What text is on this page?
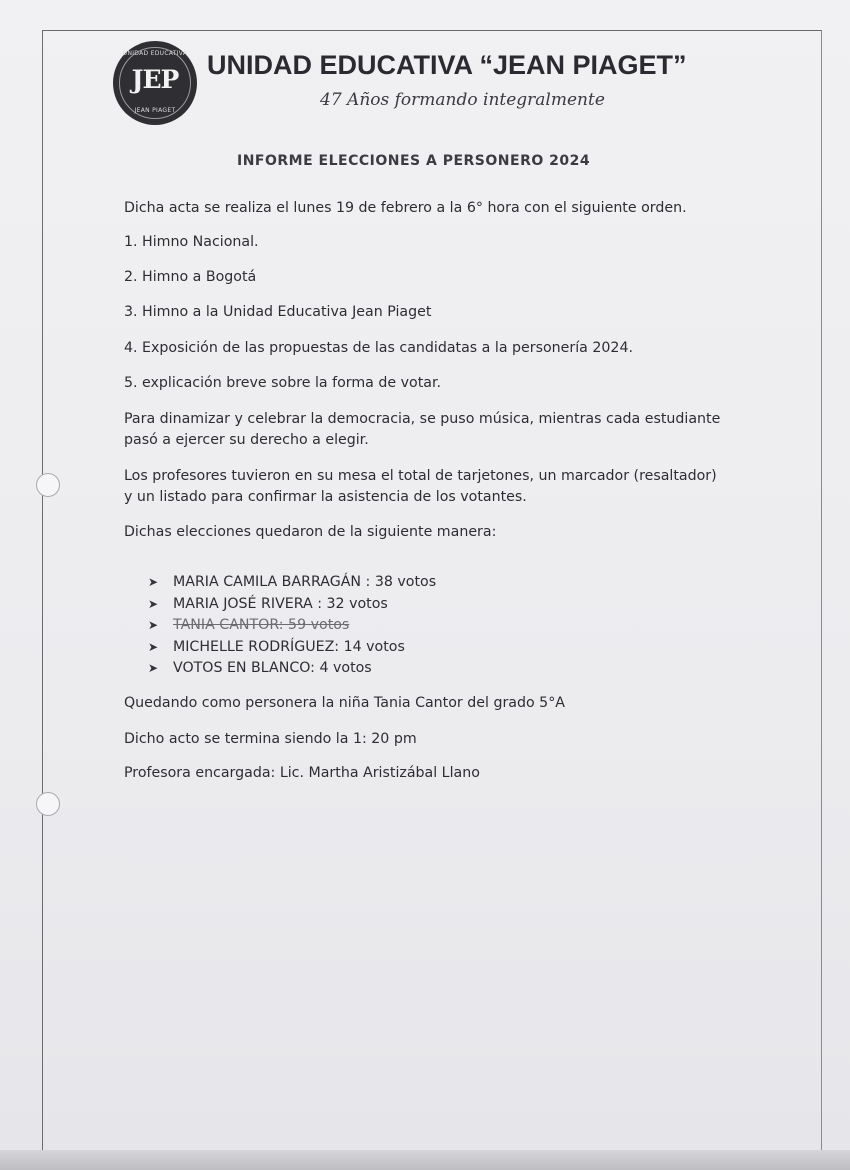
UNIDAD EDUCATIVA
JEP
JEAN PIAGET
UNIDAD EDUCATIVA “JEAN PIAGET”
47 Años formando integralmente
INFORME ELECCIONES A PERSONERO 2024
Dicha acta se realiza el lunes 19 de febrero a la 6° hora con el siguiente orden.
1. Himno Nacional.
2. Himno a Bogotá
3. Himno a la Unidad Educativa Jean Piaget
4. Exposición de las propuestas de las candidatas a la personería 2024.
5. explicación breve sobre la forma de votar.
Para dinamizar y celebrar la democracia, se puso música, mientras cada estudiante
pasó a ejercer su derecho a elegir.
Los profesores tuvieron en su mesa el total de tarjetones, un marcador (resaltador)
y un listado para confirmar la asistencia de los votantes.
Dichas elecciones quedaron de la siguiente manera:
➤	MARIA CAMILA BARRAGÁN : 38 votos
➤	MARIA JOSÉ RIVERA : 32 votos
➤	TANIA CANTOR: 59 votos
➤	MICHELLE RODRÍGUEZ: 14 votos
➤	VOTOS EN BLANCO: 4 votos
Quedando como personera la niña Tania Cantor del grado 5°A
Dicho acto se termina siendo la 1: 20 pm
Profesora encargada: Lic. Martha Aristizábal Llano
